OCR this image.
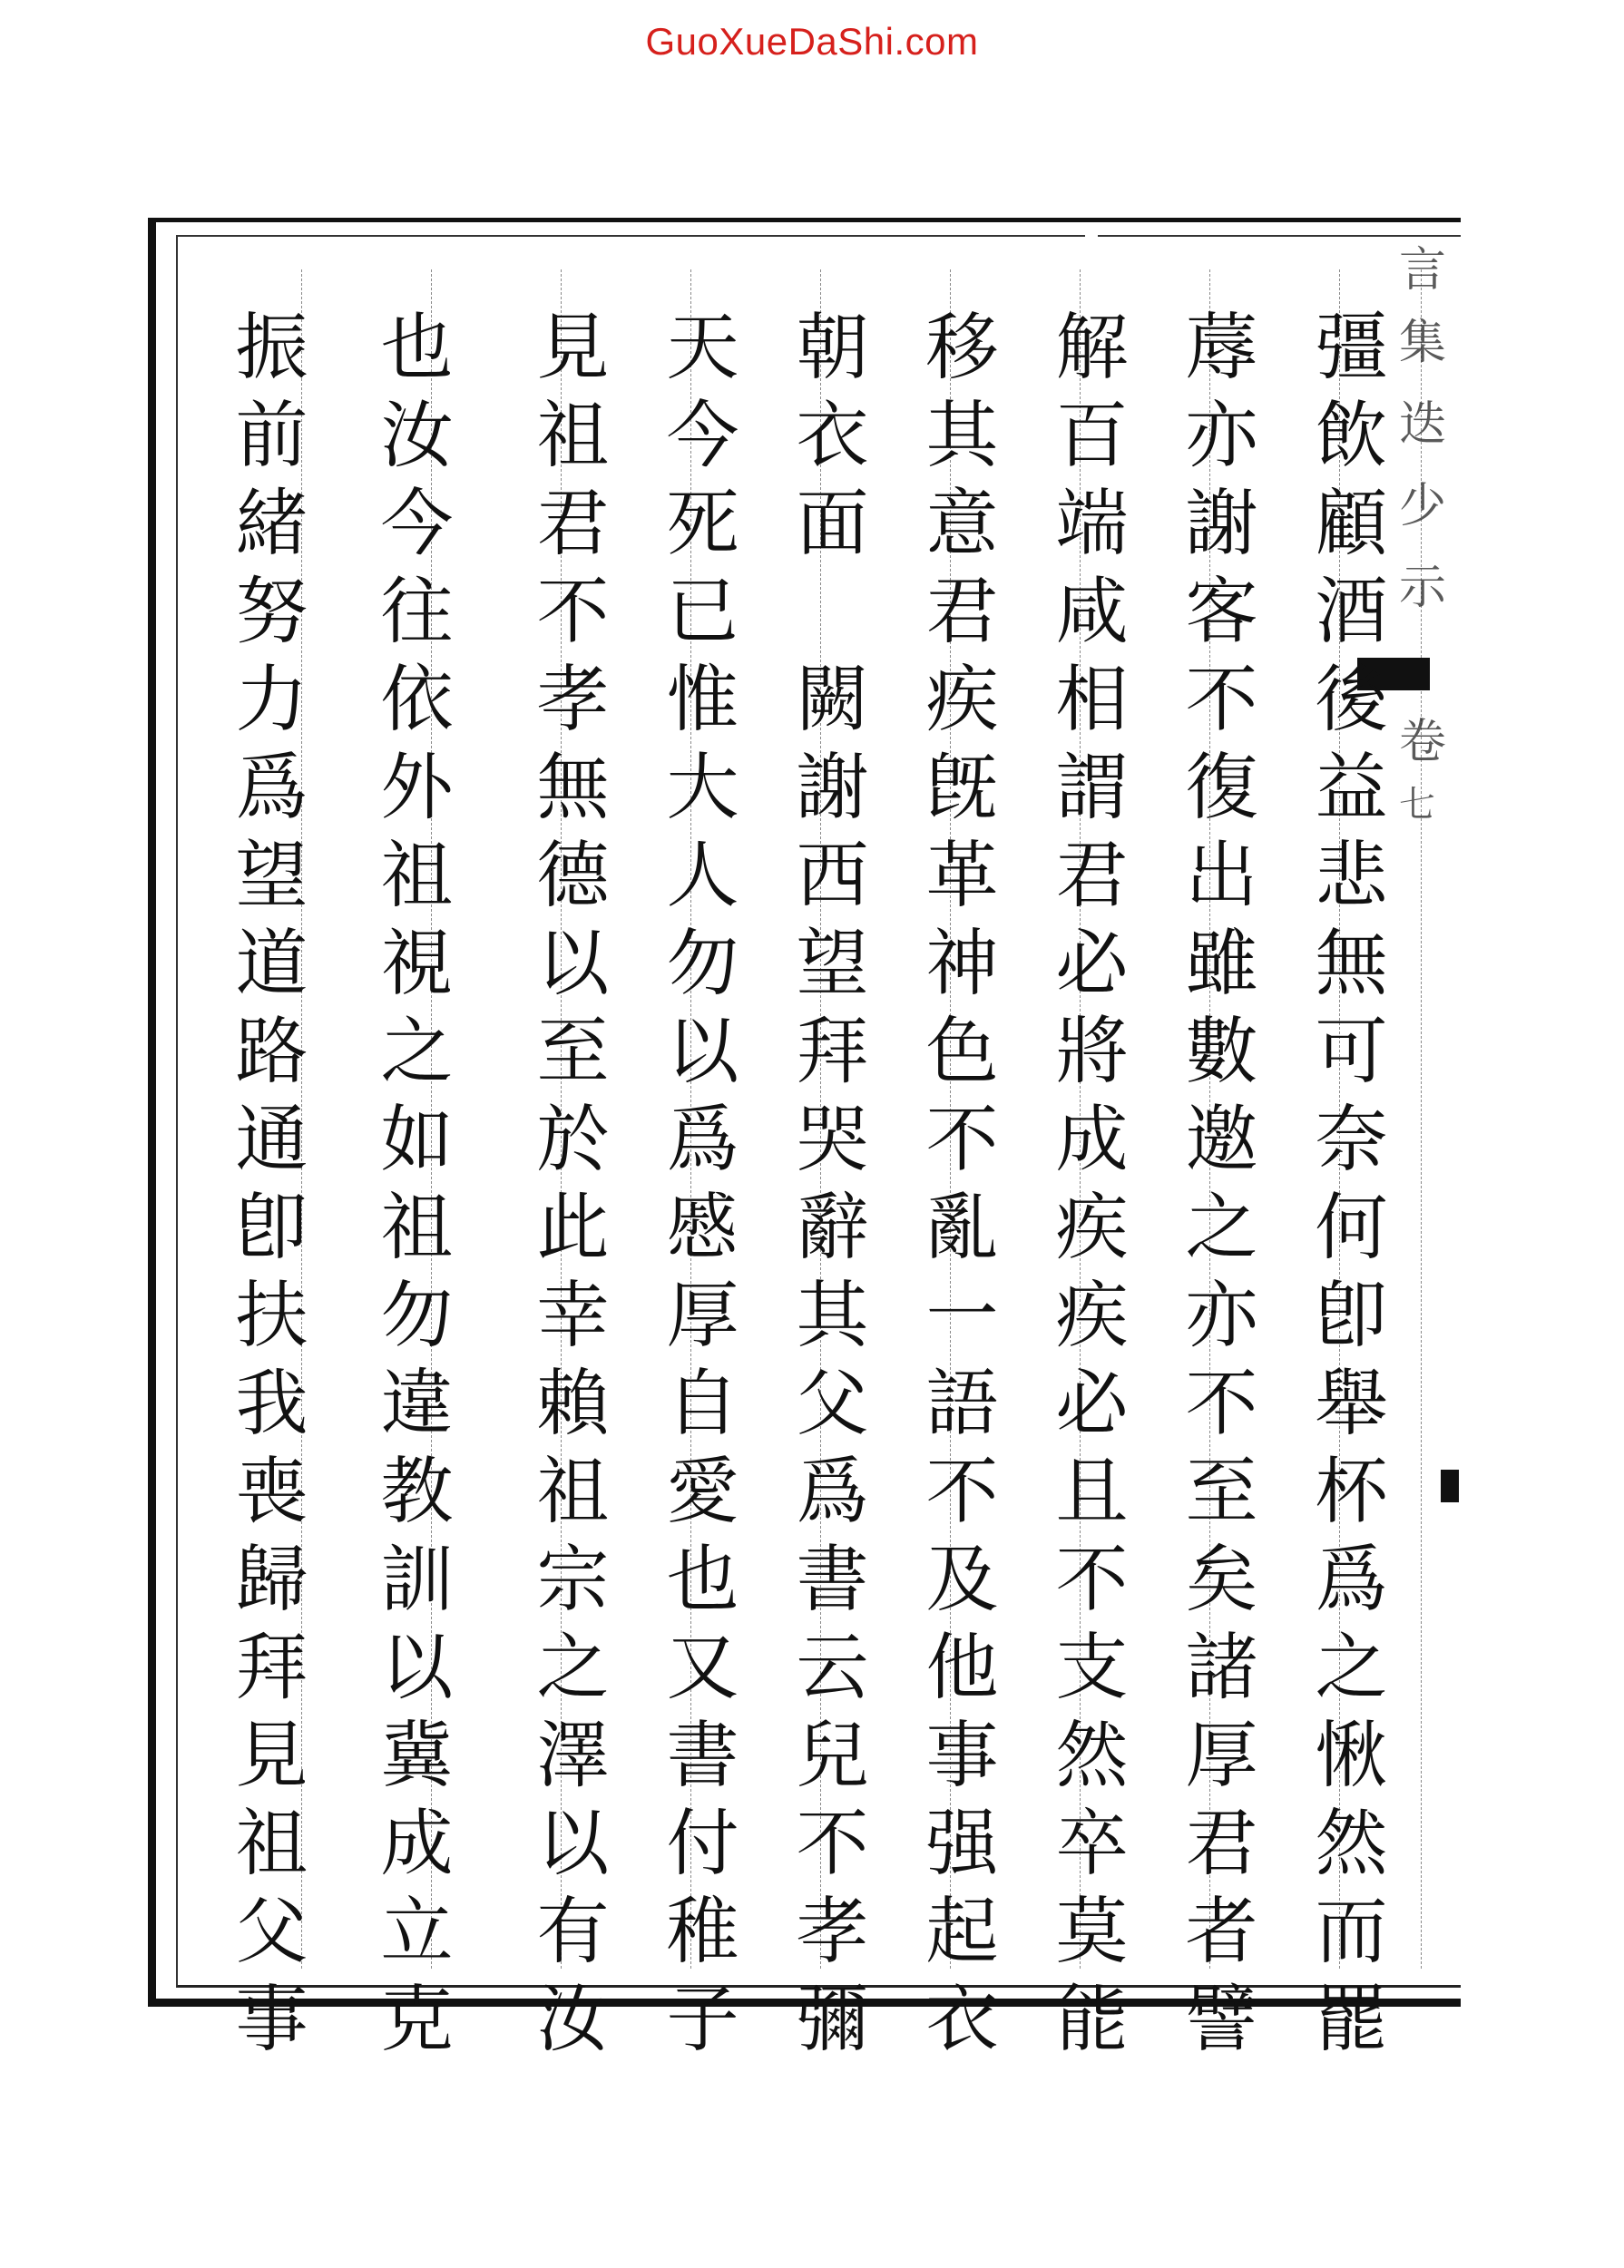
GuoXueDaShi.com
言
集
迭
少
示
卷
七
彊飲顧酒後益悲無可奈何卽舉杯爲之愀然而罷
蓐亦謝客不復出雖數邀之亦不至矣諸厚君者譬
解百端咸相謂君必將成疾疾必且不支然卒莫能
移其意君疾旣革神色不亂一語不及他事强起衣
朝衣面　闕謝西望拜哭辭其父爲書云兒不孝彌
天今死已惟大人勿以爲慼厚自愛也又書付稚子
見祖君不孝無德以至於此幸賴祖宗之澤以有汝
也汝今往依外祖視之如祖勿違教訓以冀成立克
振前緒努力爲望道路通卽扶我喪歸拜見祖父事
